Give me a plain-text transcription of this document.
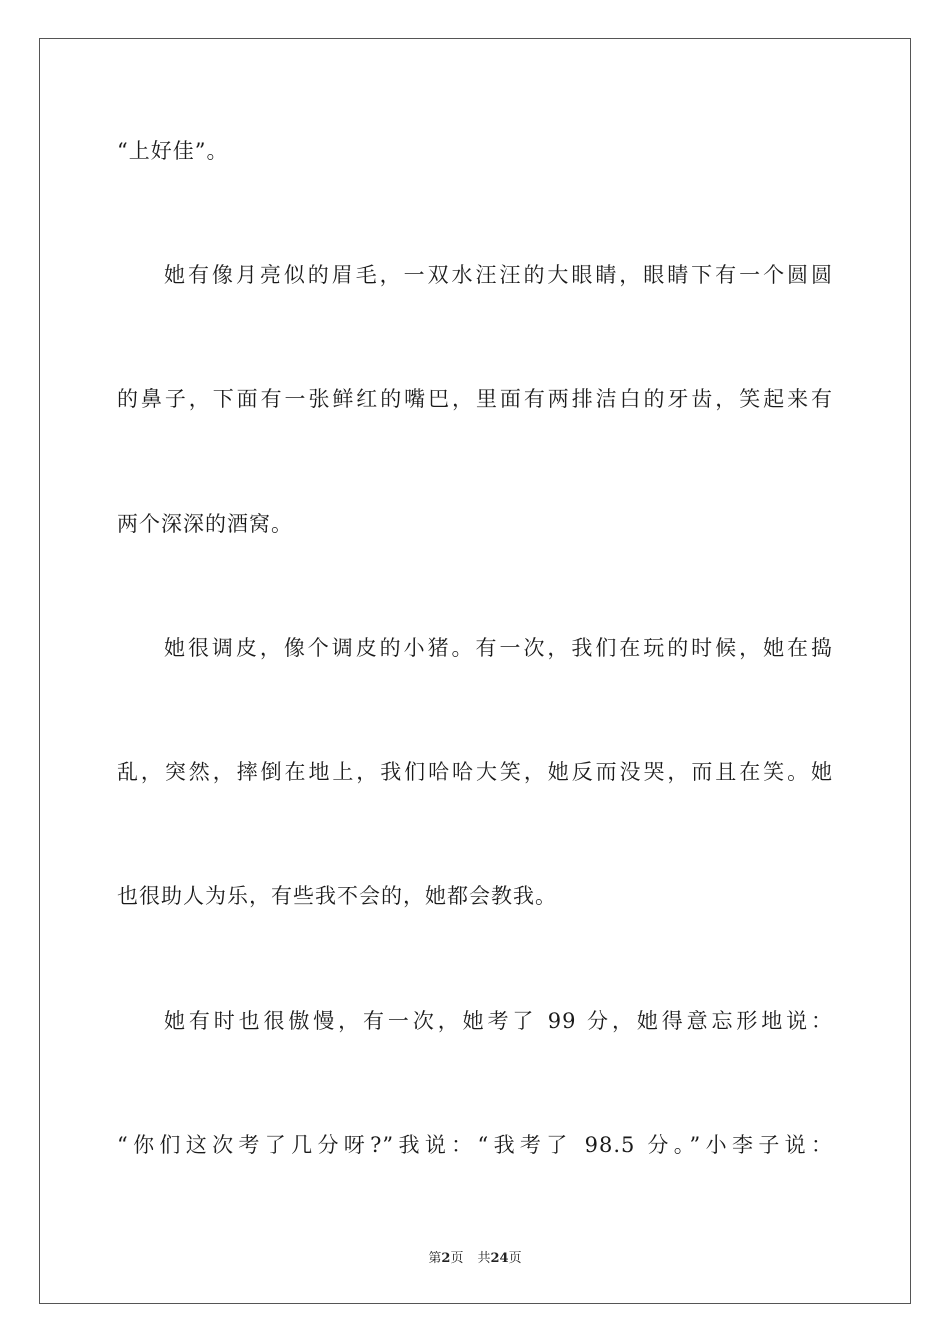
“上好佳”。
她有像月亮似的眉毛，一双水汪汪的大眼睛，眼睛下有一个圆圆
的鼻子，下面有一张鲜红的嘴巴，里面有两排洁白的牙齿，笑起来有
两个深深的酒窝。
她很调皮，像个调皮的小猪。有一次，我们在玩的时候，她在捣
乱，突然，摔倒在地上，我们哈哈大笑，她反而没哭，而且在笑。她
也很助人为乐，有些我不会的，她都会教我。
她有时也很傲慢，有一次，她考了 99 分，她得意忘形地说：
“你们这次考了几分呀?”我说：“我考了 98.5 分。”小李子说：
第2页 共24页
